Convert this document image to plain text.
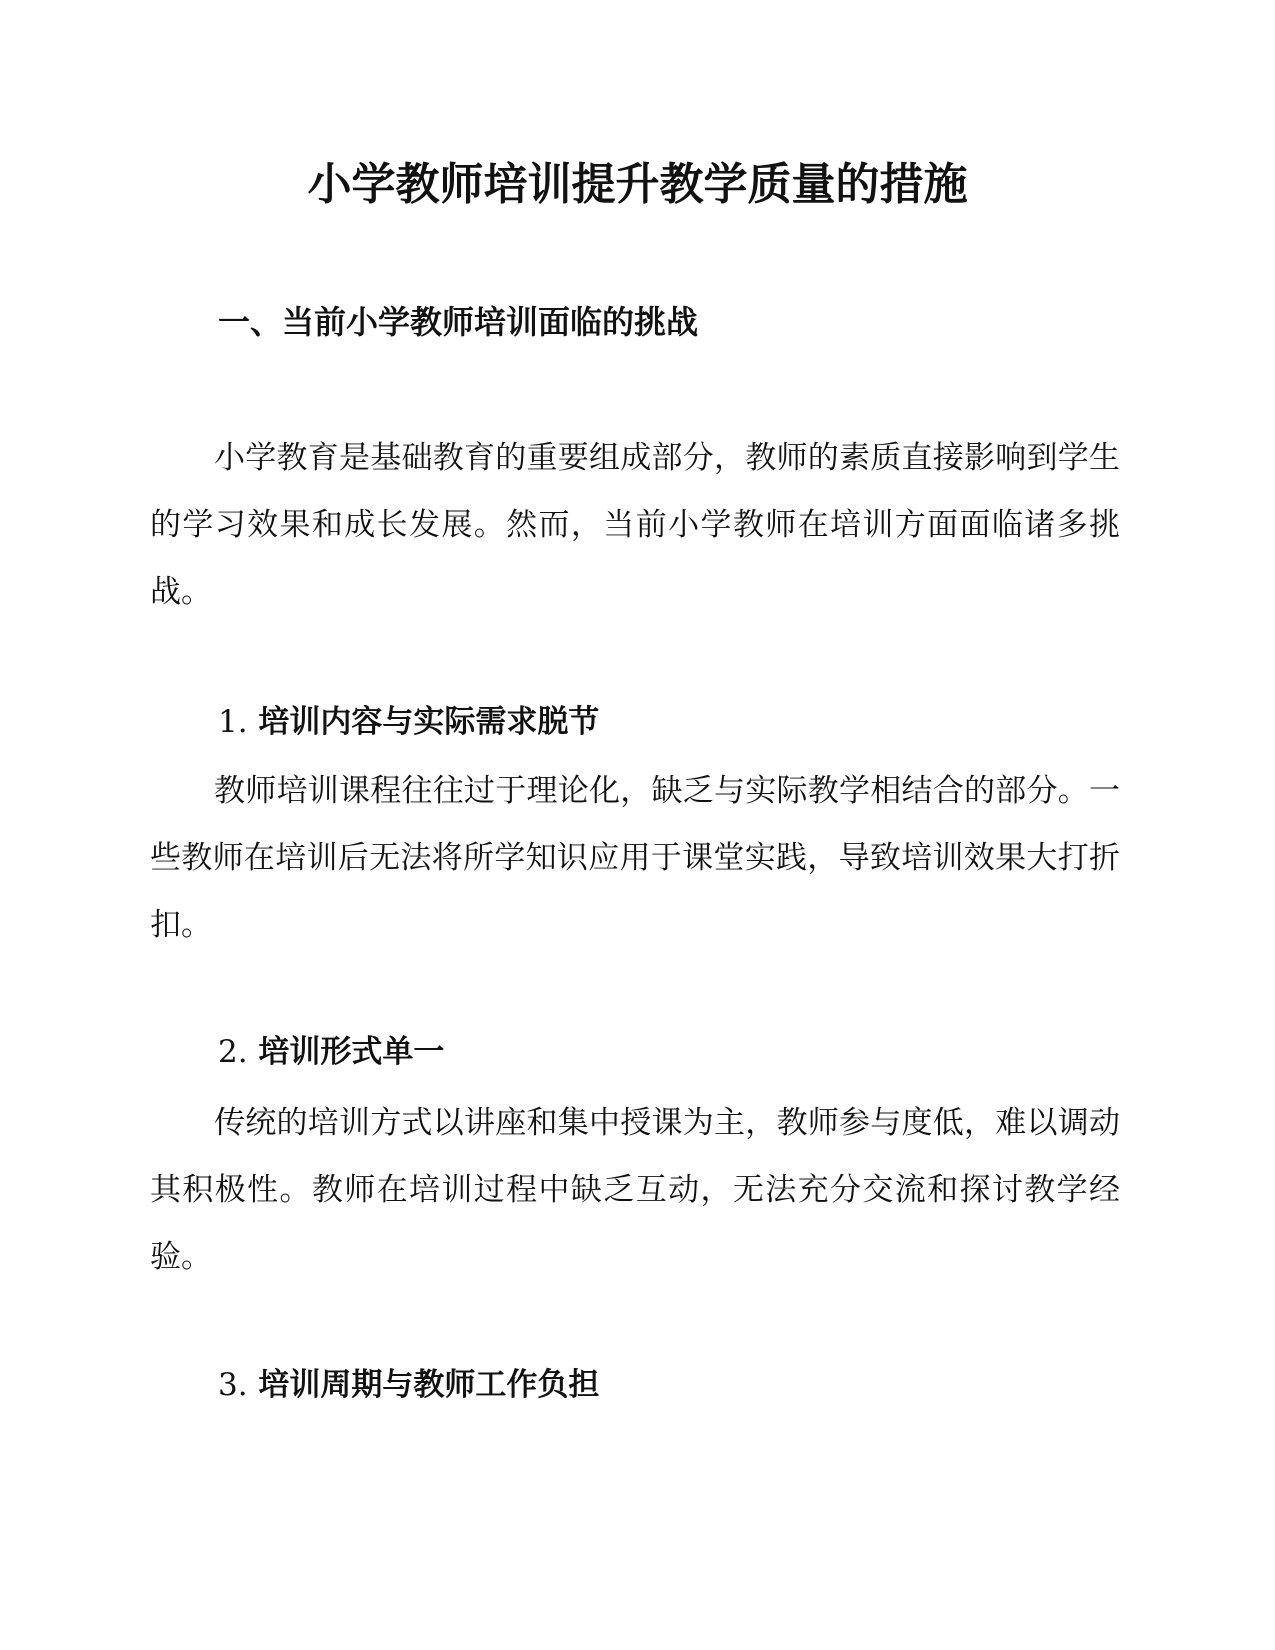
小学教师培训提升教学质量的措施
一、当前小学教师培训面临的挑战

小学教育是基础教育的重要组成部分，教师的素质直接影响到学生的学习效果和成长发展。然而，当前小学教师在培训方面面临诸多挑战。

1. 培训内容与实际需求脱节

教师培训课程往往过于理论化，缺乏与实际教学相结合的部分。一些教师在培训后无法将所学知识应用于课堂实践，导致培训效果大打折扣。

2. 培训形式单一

传统的培训方式以讲座和集中授课为主，教师参与度低，难以调动其积极性。教师在培训过程中缺乏互动，无法充分交流和探讨教学经验。

3. 培训周期与教师工作负担
